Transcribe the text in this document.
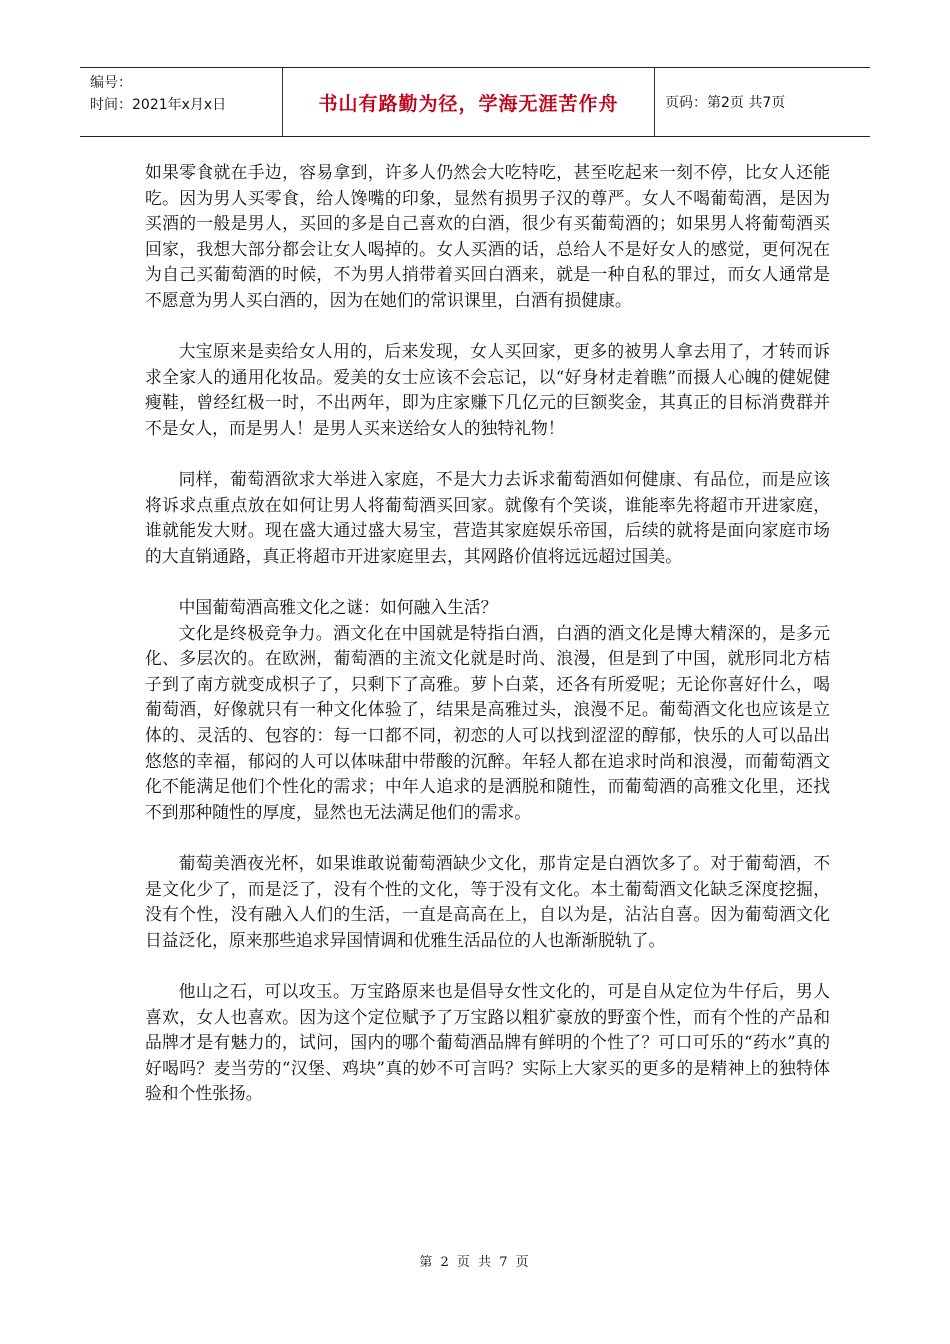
编号：
时间：2021年x月x日	书山有路勤为径，学海无涯苦作舟	页码：第2页 共7页

如果零食就在手边，容易拿到，许多人仍然会大吃特吃，甚至吃起来一刻不停，比女人还能吃。因为男人买零食，给人馋嘴的印象，显然有损男子汉的尊严。女人不喝葡萄酒，是因为买酒的一般是男人，买回的多是自己喜欢的白酒，很少有买葡萄酒的；如果男人将葡萄酒买回家，我想大部分都会让女人喝掉的。女人买酒的话，总给人不是好女人的感觉，更何况在为自己买葡萄酒的时候，不为男人捎带着买回白酒来，就是一种自私的罪过，而女人通常是不愿意为男人买白酒的，因为在她们的常识课里，白酒有损健康。

大宝原来是卖给女人用的，后来发现，女人买回家，更多的被男人拿去用了，才转而诉求全家人的通用化妆品。爱美的女士应该不会忘记，以“好身材走着瞧”而摄人心魄的健妮健瘦鞋，曾经红极一时，不出两年，即为庄家赚下几亿元的巨额奖金，其真正的目标消费群并不是女人，而是男人！是男人买来送给女人的独特礼物！

同样，葡萄酒欲求大举进入家庭，不是大力去诉求葡萄酒如何健康、有品位，而是应该将诉求点重点放在如何让男人将葡萄酒买回家。就像有个笑谈，谁能率先将超市开进家庭，谁就能发大财。现在盛大通过盛大易宝，营造其家庭娱乐帝国，后续的就将是面向家庭市场的大直销通路，真正将超市开进家庭里去，其网路价值将远远超过国美。

中国葡萄酒高雅文化之谜：如何融入生活？

文化是终极竞争力。酒文化在中国就是特指白酒，白酒的酒文化是博大精深的，是多元化、多层次的。在欧洲，葡萄酒的主流文化就是时尚、浪漫，但是到了中国，就形同北方桔子到了南方就变成枳子了，只剩下了高雅。萝卜白菜，还各有所爱呢；无论你喜好什么，喝葡萄酒，好像就只有一种文化体验了，结果是高雅过头，浪漫不足。葡萄酒文化也应该是立体的、灵活的、包容的：每一口都不同，初恋的人可以找到涩涩的醇郁，快乐的人可以品出悠悠的幸福，郁闷的人可以体味甜中带酸的沉醉。年轻人都在追求时尚和浪漫，而葡萄酒文化不能满足他们个性化的需求；中年人追求的是洒脱和随性，而葡萄酒的高雅文化里，还找不到那种随性的厚度，显然也无法满足他们的需求。

葡萄美酒夜光杯，如果谁敢说葡萄酒缺少文化，那肯定是白酒饮多了。对于葡萄酒，不是文化少了，而是泛了，没有个性的文化，等于没有文化。本土葡萄酒文化缺乏深度挖掘，没有个性，没有融入人们的生活，一直是高高在上，自以为是，沾沾自喜。因为葡萄酒文化日益泛化，原来那些追求异国情调和优雅生活品位的人也渐渐脱轨了。

他山之石，可以攻玉。万宝路原来也是倡导女性文化的，可是自从定位为牛仔后，男人喜欢，女人也喜欢。因为这个定位赋予了万宝路以粗犷豪放的野蛮个性，而有个性的产品和品牌才是有魅力的，试问，国内的哪个葡萄酒品牌有鲜明的个性了？可口可乐的“药水”真的好喝吗？麦当劳的“汉堡、鸡块”真的妙不可言吗？实际上大家买的更多的是精神上的独特体验和个性张扬。

第 2 页 共 7 页
